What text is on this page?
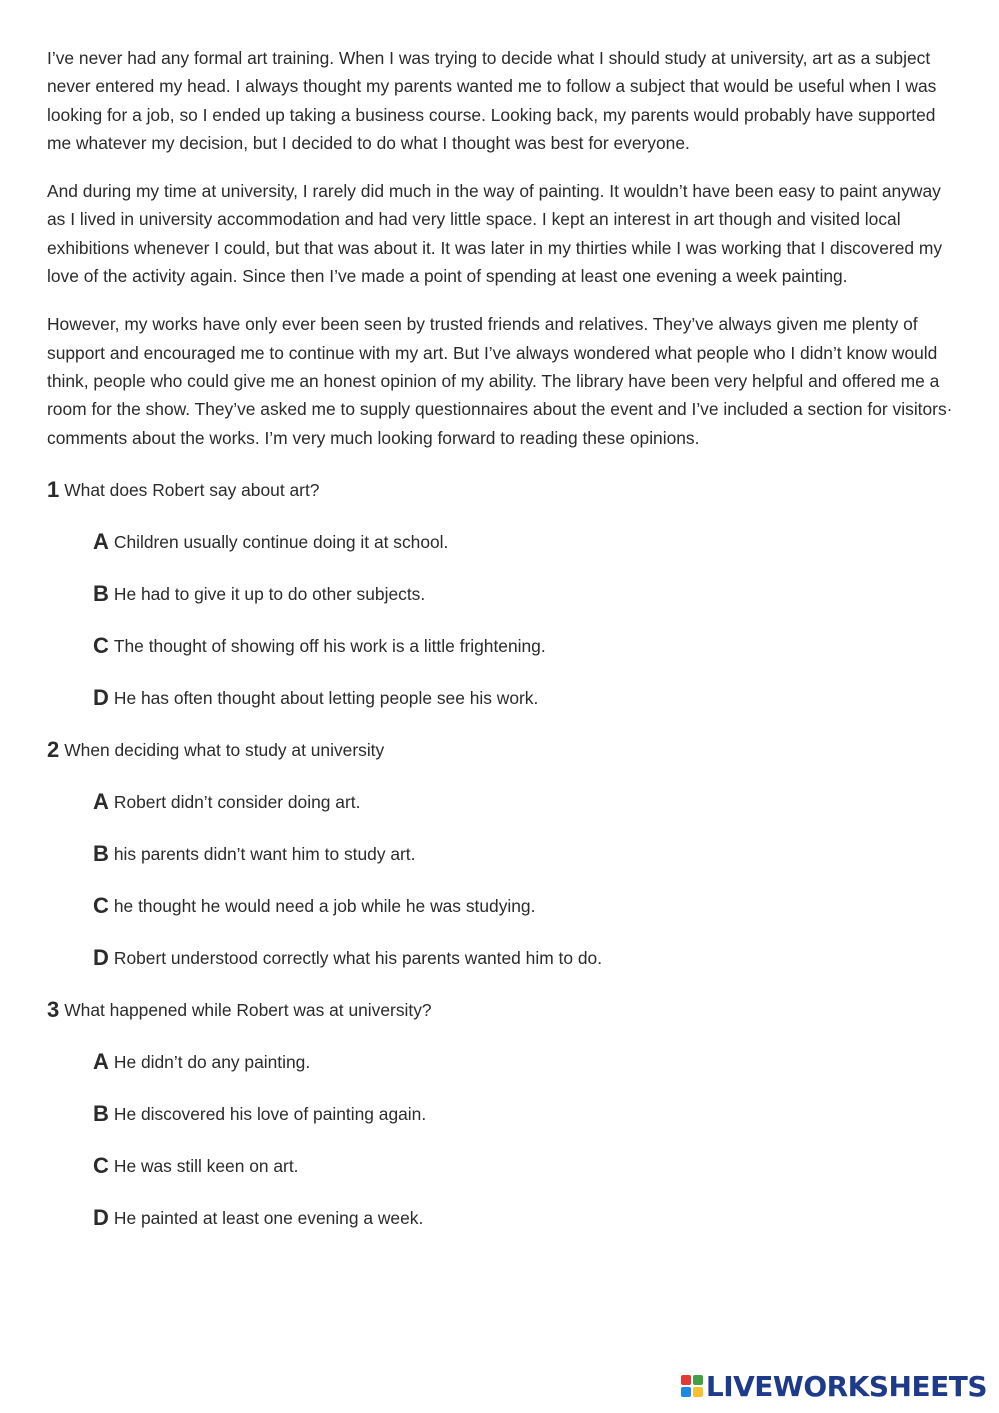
I’ve never had any formal art training. When I was trying to decide what I should study at university, art as a subject never entered my head. I always thought my parents wanted me to follow a subject that would be useful when I was looking for a job, so I ended up taking a business course. Looking back, my parents would probably have supported me whatever my decision, but I decided to do what I thought was best for everyone.

And during my time at university, I rarely did much in the way of painting. It wouldn’t have been easy to paint anyway as I lived in university accommodation and had very little space. I kept an interest in art though and visited local exhibitions whenever I could, but that was about it. It was later in my thirties while I was working that I discovered my love of the activity again. Since then I’ve made a point of spending at least one evening a week painting.

However, my works have only ever been seen by trusted friends and relatives. They’ve always given me plenty of support and encouraged me to continue with my art. But I’ve always wondered what people who I didn’t know would think, people who could give me an honest opinion of my ability. The library have been very helpful and offered me a room for the show. They’ve asked me to supply questionnaires about the event and I’ve included a section for visitors· comments about the works. I’m very much looking forward to reading these opinions.

1 What does Robert say about art?
A Children usually continue doing it at school.
B He had to give it up to do other subjects.
C The thought of showing off his work is a little frightening.
D He has often thought about letting people see his work.
2 When deciding what to study at university
A Robert didn’t consider doing art.
B his parents didn’t want him to study art.
C he thought he would need a job while he was studying.
D Robert understood correctly what his parents wanted him to do.
3 What happened while Robert was at university?
A He didn’t do any painting.
B He discovered his love of painting again.
C He was still keen on art.
D He painted at least one evening a week.
LIVEWORKSHEETS
